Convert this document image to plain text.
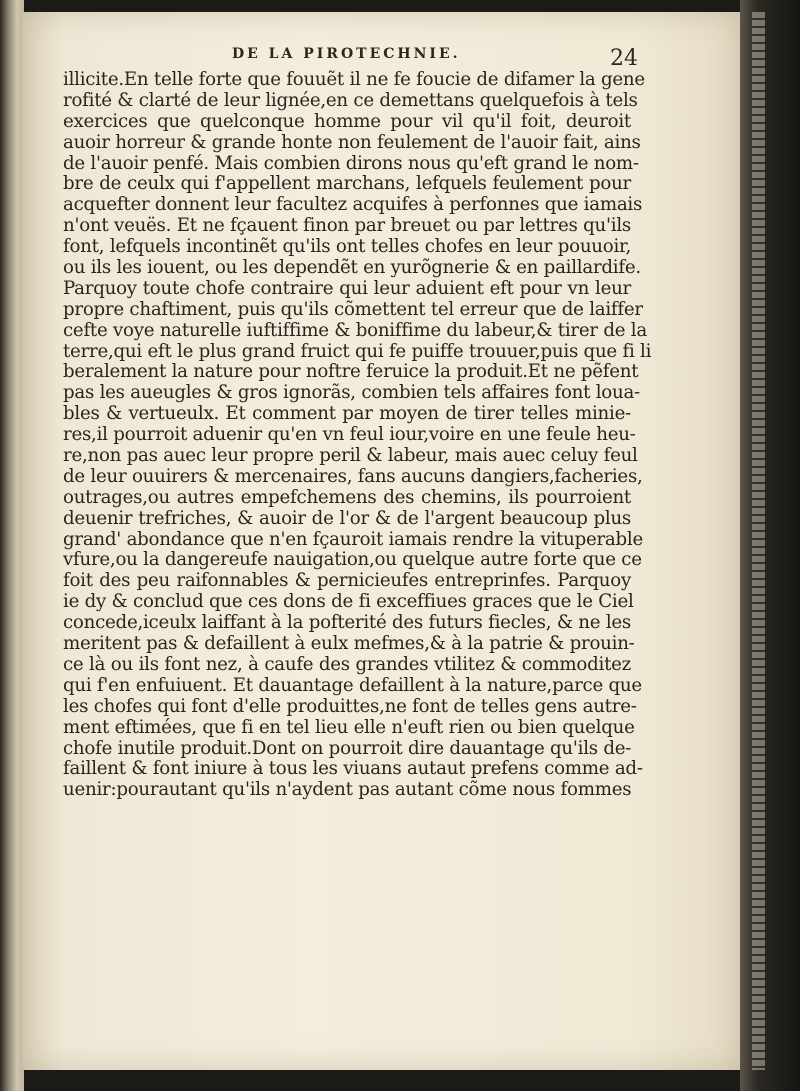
DE LA PIROTECHNIE.	24
illicite.En telle forte que fouuẽt il ne fe foucie de difamer la gene
rofité & clarté de leur lignée,en ce demettans quelquefois à tels
exercices que quelconque homme pour vil qu'il foit, deuroit
auoir horreur & grande honte non feulement de l'auoir fait, ains
de l'auoir penfé. Mais combien dirons nous qu'eft grand le nom-
bre de ceulx qui f'appellent marchans, lefquels feulement pour
acquefter donnent leur facultez acquifes à perfonnes que iamais
n'ont veuës. Et ne fçauent finon par breuet ou par lettres qu'ils
font, lefquels incontinẽt qu'ils ont telles chofes en leur pouuoir,
ou ils les iouent, ou les dependẽt en yurõgnerie & en paillardife.
Parquoy toute chofe contraire qui leur aduient eft pour vn leur
propre chaftiment, puis qu'ils cõmettent tel erreur que de laiffer
cefte voye naturelle iuftiffime & boniffime du labeur,& tirer de la
terre,qui eft le plus grand fruict qui fe puiffe trouuer,puis que fi li
beralement la nature pour noftre feruice la produit.Et ne pẽfent
pas les aueugles & gros ignorãs, combien tels affaires font loua-
bles & vertueulx. Et comment par moyen de tirer telles minie-
res,il pourroit aduenir qu'en vn feul iour,voire en une feule heu-
re,non pas auec leur propre peril & labeur, mais auec celuy feul
de leur ouuirers & mercenaires, fans aucuns dangiers,facheries,
outrages,ou autres empefchemens des chemins, ils pourroient
deuenir trefriches, & auoir de l'or & de l'argent beaucoup plus
grand' abondance que n'en fçauroit iamais rendre la vituperable
vfure,ou la dangereufe nauigation,ou quelque autre forte que ce
foit des peu raifonnables & pernicieufes entreprinfes. Parquoy
ie dy & conclud que ces dons de fi exceffiues graces que le Ciel
concede,iceulx laiffant à la pofterité des futurs fiecles, & ne les
meritent pas & defaillent à eulx mefmes,& à la patrie & prouin-
ce là ou ils font nez, à caufe des grandes vtilitez & commoditez
qui f'en enfuiuent. Et dauantage defaillent à la nature,parce que
les chofes qui font d'elle produittes,ne font de telles gens autre-
ment eftimées, que fi en tel lieu elle n'euft rien ou bien quelque
chofe inutile produit.Dont on pourroit dire dauantage qu'ils de-
faillent & font iniure à tous les viuans autaut prefens comme ad-
uenir:pourautant qu'ils n'aydent pas autant cõme nous fommes
